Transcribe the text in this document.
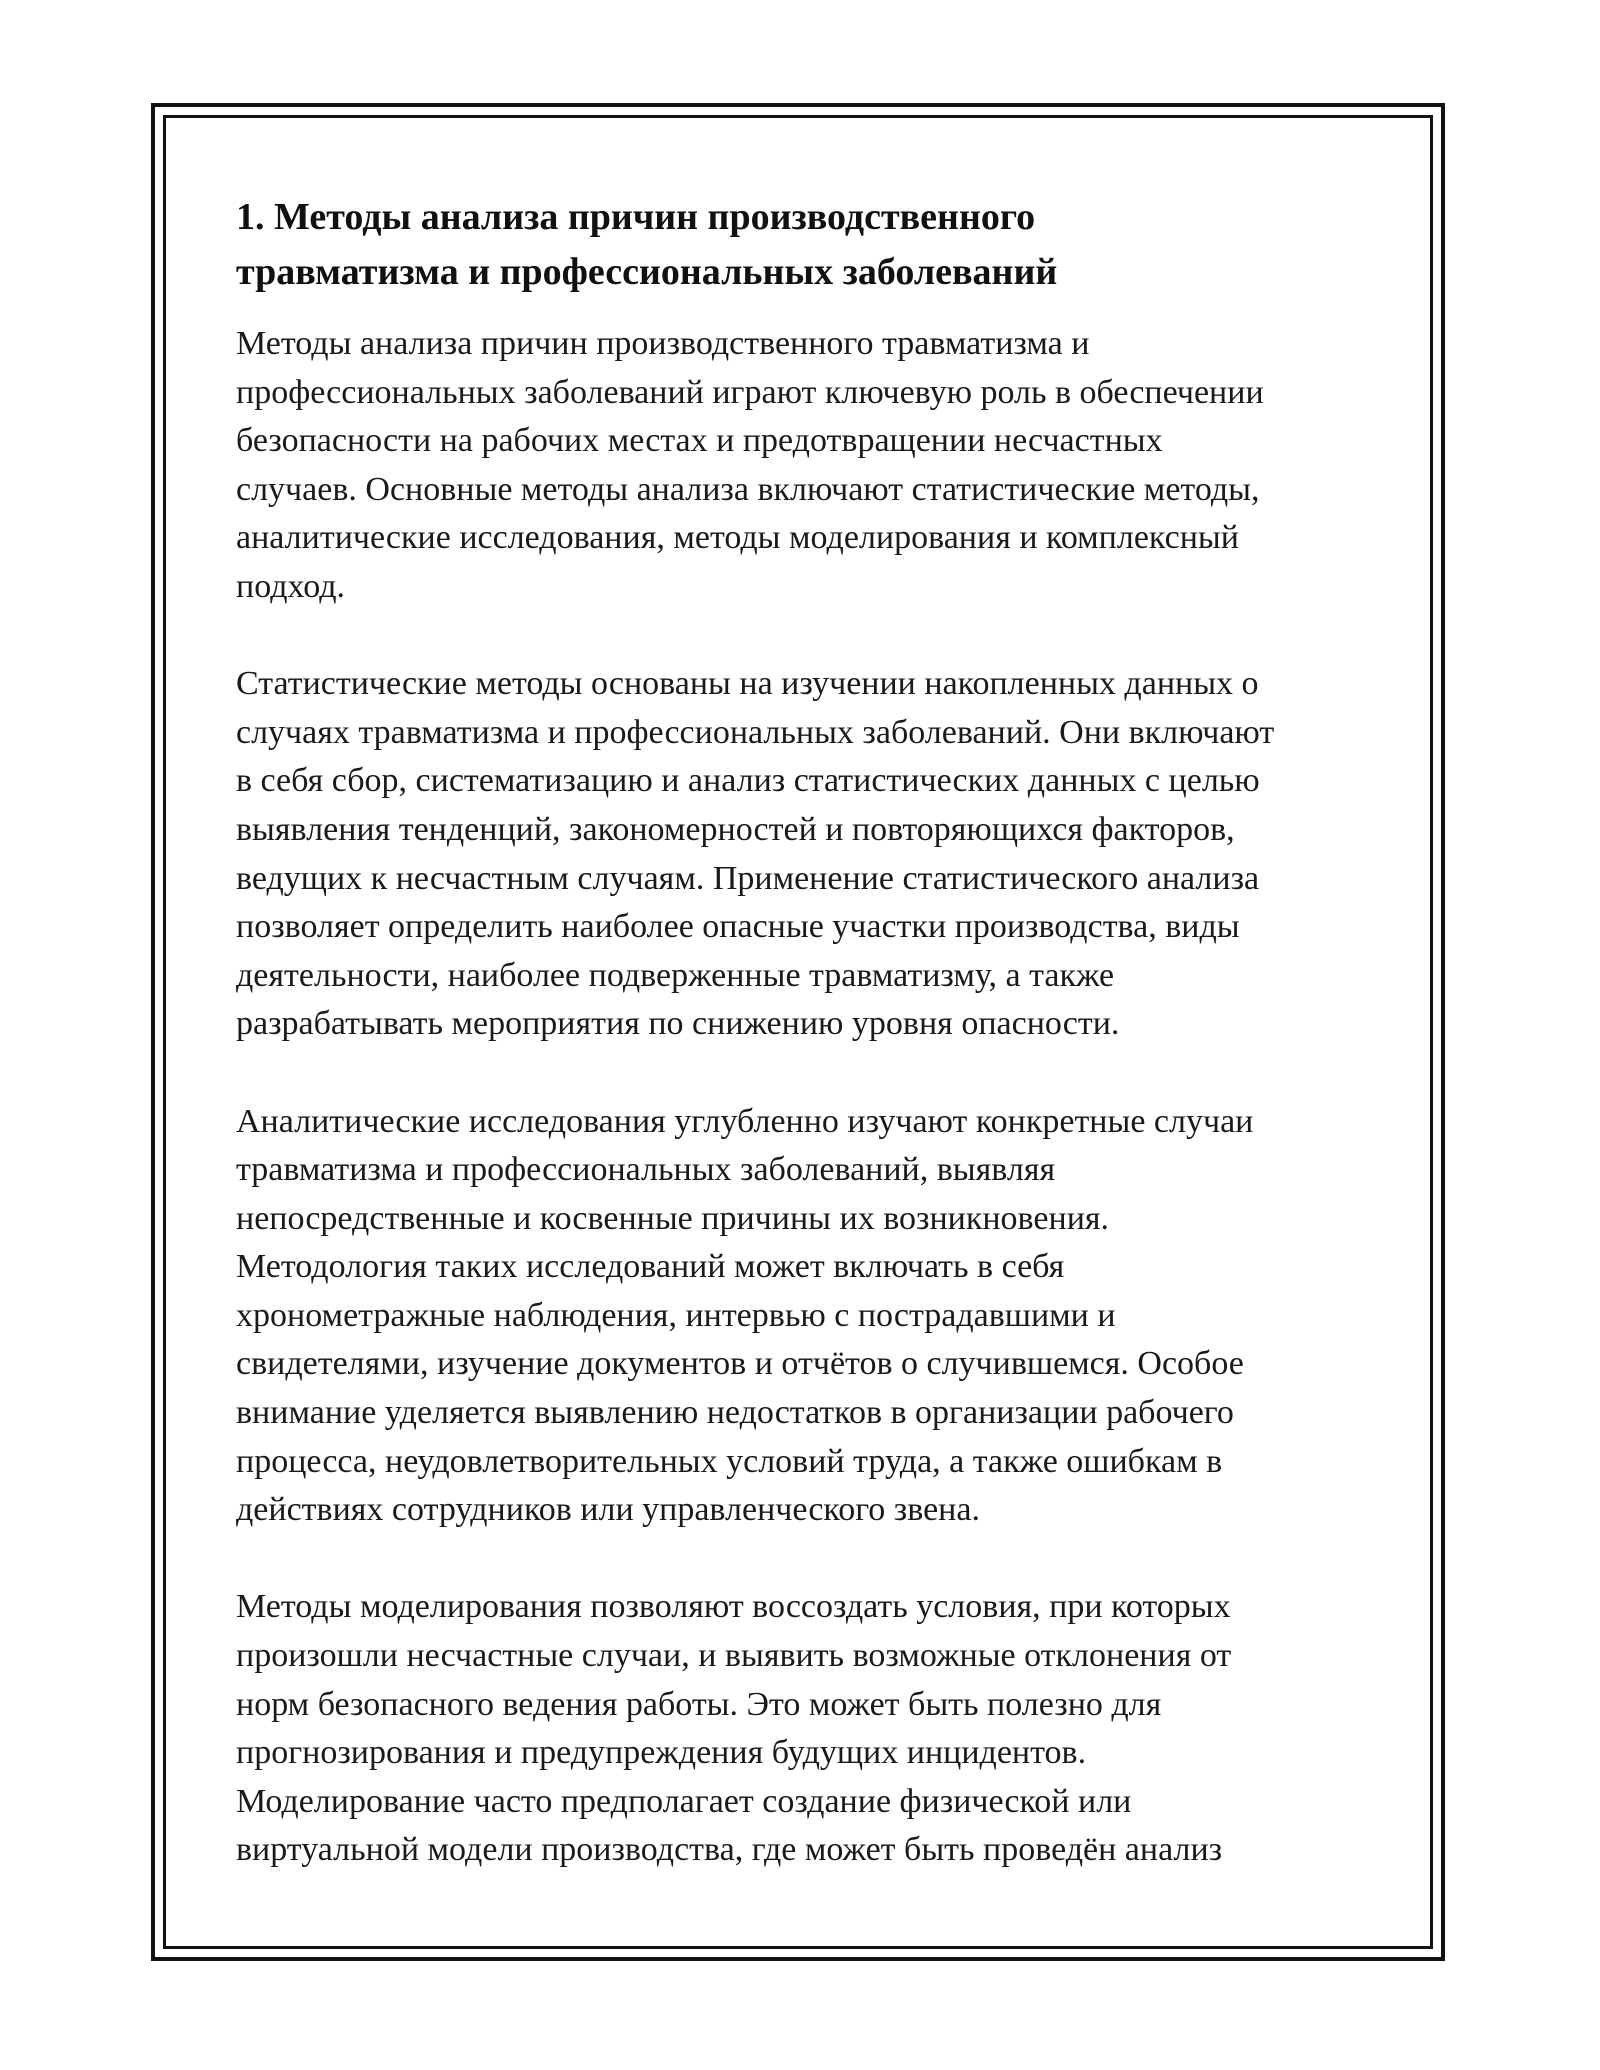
1. Методы анализа причин производственного
травматизма и профессиональных заболеваний

Методы анализа причин производственного травматизма и
профессиональных заболеваний играют ключевую роль в обеспечении
безопасности на рабочих местах и предотвращении несчастных
случаев. Основные методы анализа включают статистические методы,
аналитические исследования, методы моделирования и комплексный
подход.

Статистические методы основаны на изучении накопленных данных о
случаях травматизма и профессиональных заболеваний. Они включают
в себя сбор, систематизацию и анализ статистических данных с целью
выявления тенденций, закономерностей и повторяющихся факторов,
ведущих к несчастным случаям. Применение статистического анализа
позволяет определить наиболее опасные участки производства, виды
деятельности, наиболее подверженные травматизму, а также
разрабатывать мероприятия по снижению уровня опасности.

Аналитические исследования углубленно изучают конкретные случаи
травматизма и профессиональных заболеваний, выявляя
непосредственные и косвенные причины их возникновения.
Методология таких исследований может включать в себя
хронометражные наблюдения, интервью с пострадавшими и
свидетелями, изучение документов и отчётов о случившемся. Особое
внимание уделяется выявлению недостатков в организации рабочего
процесса, неудовлетворительных условий труда, а также ошибкам в
действиях сотрудников или управленческого звена.

Методы моделирования позволяют воссоздать условия, при которых
произошли несчастные случаи, и выявить возможные отклонения от
норм безопасного ведения работы. Это может быть полезно для
прогнозирования и предупреждения будущих инцидентов.
Моделирование часто предполагает создание физической или
виртуальной модели производства, где может быть проведён анализ
